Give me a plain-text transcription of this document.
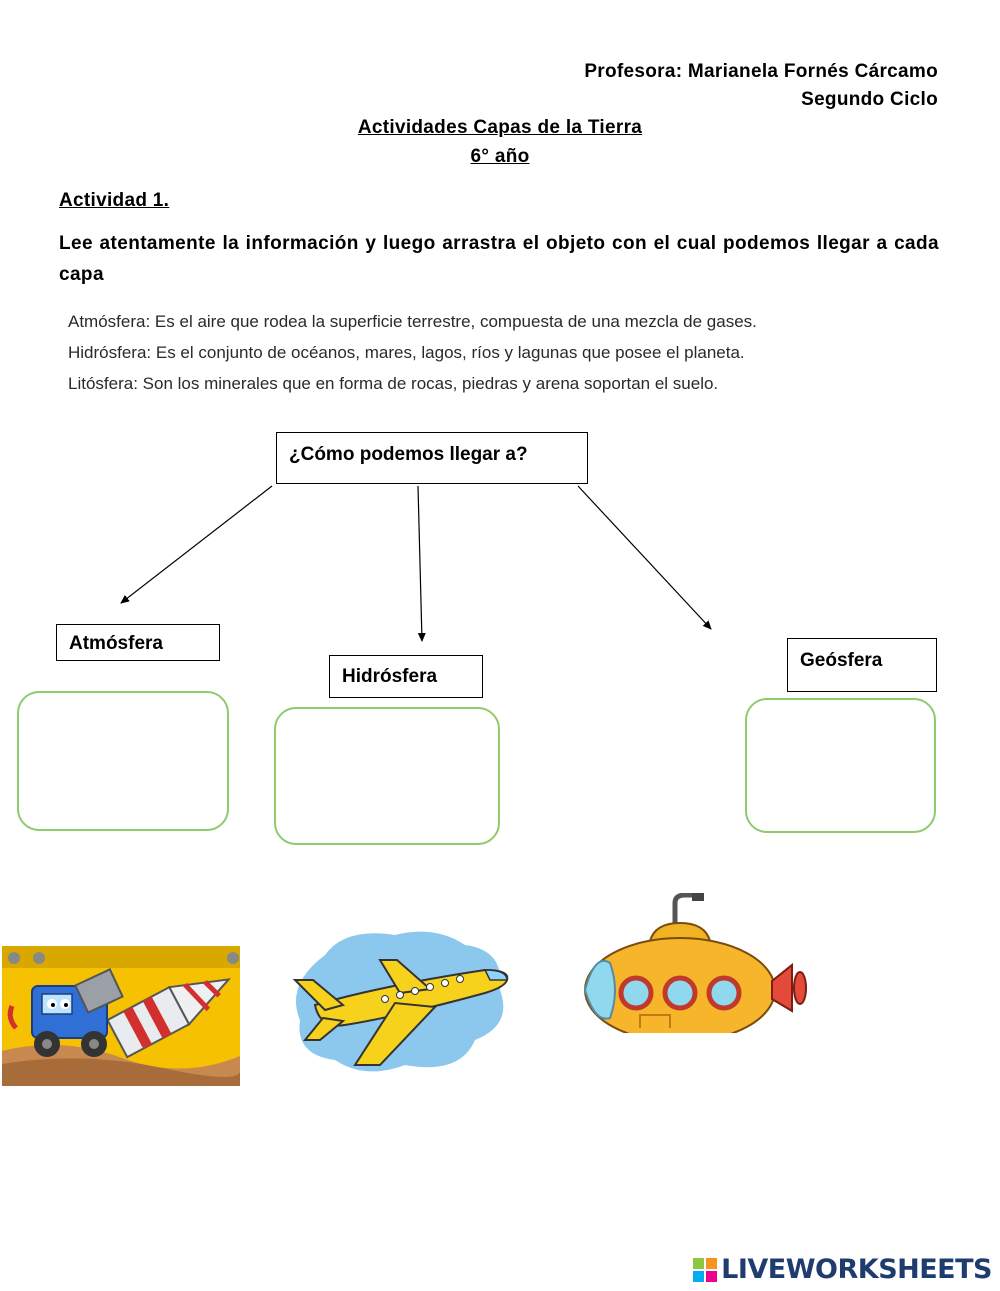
Profesora: Marianela Fornés Cárcamo
Segundo Ciclo
Actividades Capas de la Tierra
6° año
Actividad 1.
Lee atentamente la información y luego arrastra el objeto con el cual podemos llegar a cada capa
Atmósfera: Es el aire que rodea la superficie terrestre, compuesta de una mezcla de gases.
Hidrósfera: Es el conjunto de océanos, mares, lagos, ríos y lagunas que posee el planeta.
Litósfera: Son los minerales que en forma de rocas, piedras y arena soportan el suelo.
¿Cómo podemos llegar a?
Atmósfera
Hidrósfera
Geósfera
LIVEWORKSHEETS
